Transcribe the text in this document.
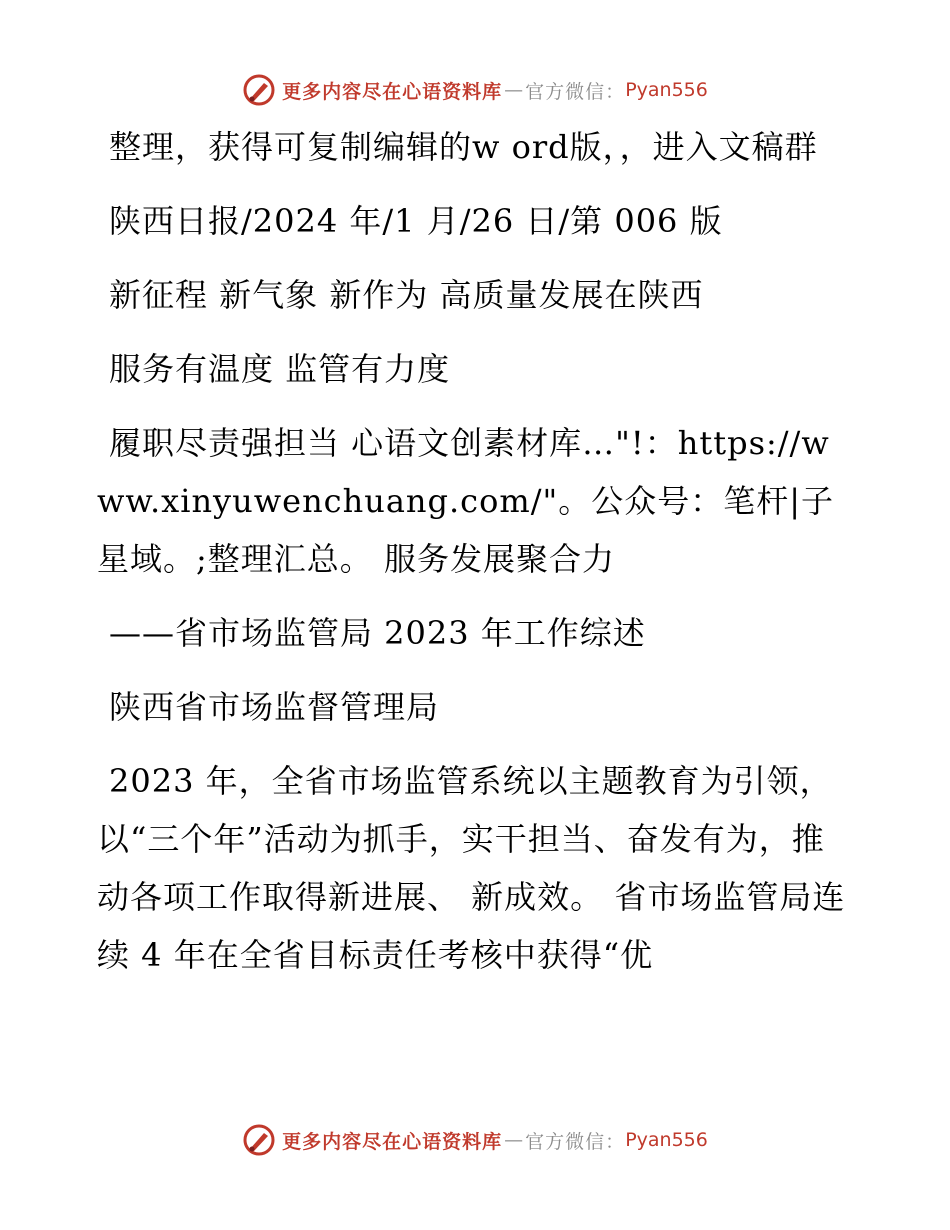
更多内容尽在心语资料库 — 官方微信： Pyan556

整理，获得可复制编辑的w ord版，，进入文稿群

陕西日报/2024 年/1 月/26 日/第 006 版

新征程 新气象 新作为 高质量发展在陕西

服务有温度 监管有力度

履职尽责强担当 心语文创素材库…"!：https://www.xinyuwenchuang.com/"。公众号：笔杆|子星域。;整理汇总。 服务发展聚合力

——省市场监管局 2023 年工作综述

陕西省市场监督管理局

2023 年，全省市场监管系统以主题教育为引领，以“三个年”活动为抓手，实干担当、奋发有为，推动各项工作取得新进展、 新成效。 省市场监管局连续 4 年在全省目标责任考核中获得“优

更多内容尽在心语资料库 — 官方微信： Pyan556
